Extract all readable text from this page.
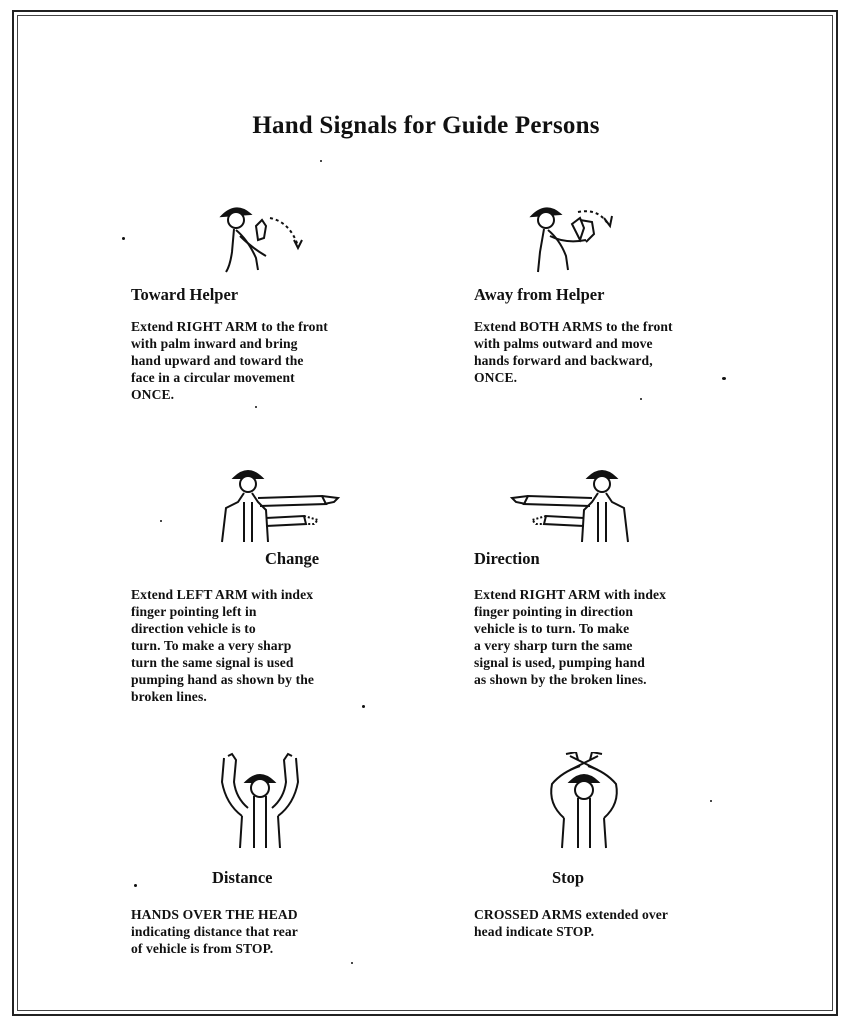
Hand Signals for Guide Persons
Toward Helper
Extend RIGHT ARM to the front
with palm inward and bring
hand upward and toward the
face in a circular movement
ONCE.
Away from Helper
Extend BOTH ARMS to the front
with palms outward and move
hands forward and backward,
ONCE.
Change
Extend LEFT ARM with index
finger pointing left in
direction vehicle is to
turn. To make a very sharp
turn the same signal is used
pumping hand as shown by the
broken lines.
Direction
Extend RIGHT ARM with index
finger pointing in direction
vehicle is to turn. To make
a very sharp turn the same
signal is used, pumping hand
as shown by the broken lines.
Distance
HANDS OVER THE HEAD
indicating distance that rear
of vehicle is from STOP.
Stop
CROSSED ARMS extended over
head indicate STOP.
